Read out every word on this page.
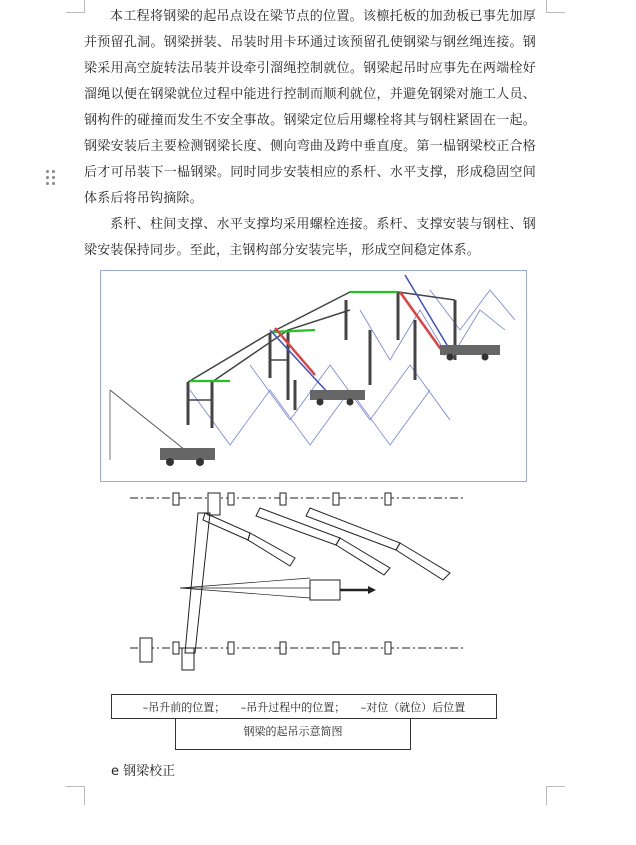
本工程将钢梁的起吊点设在梁节点的位置。该檩托板的加劲板已事先加厚并预留孔洞。钢梁拼装、吊装时用卡环通过该预留孔使钢梁与钢丝绳连接。钢梁采用高空旋转法吊装并设牵引溜绳控制就位。钢梁起吊时应事先在两端栓好溜绳以便在钢梁就位过程中能进行控制而顺利就位，并避免钢梁对施工人员、钢构件的碰撞而发生不安全事故。钢梁定位后用螺栓将其与钢柱紧固在一起。钢梁安装后主要检测钢梁长度、侧向弯曲及跨中垂直度。第一榀钢梁校正合格后才可吊装下一榀钢梁。同时同步安装相应的系杆、水平支撑，形成稳固空间体系后将吊钩摘除。

系杆、柱间支撑、水平支撑均采用螺栓连接。系杆、支撑安装与钢柱、钢梁安装保持同步。至此，主钢构部分安装完毕，形成空间稳定体系。

–吊升前的位置； –吊升过程中的位置； –对位（就位）后位置
钢梁的起吊示意简图
e 钢梁校正
